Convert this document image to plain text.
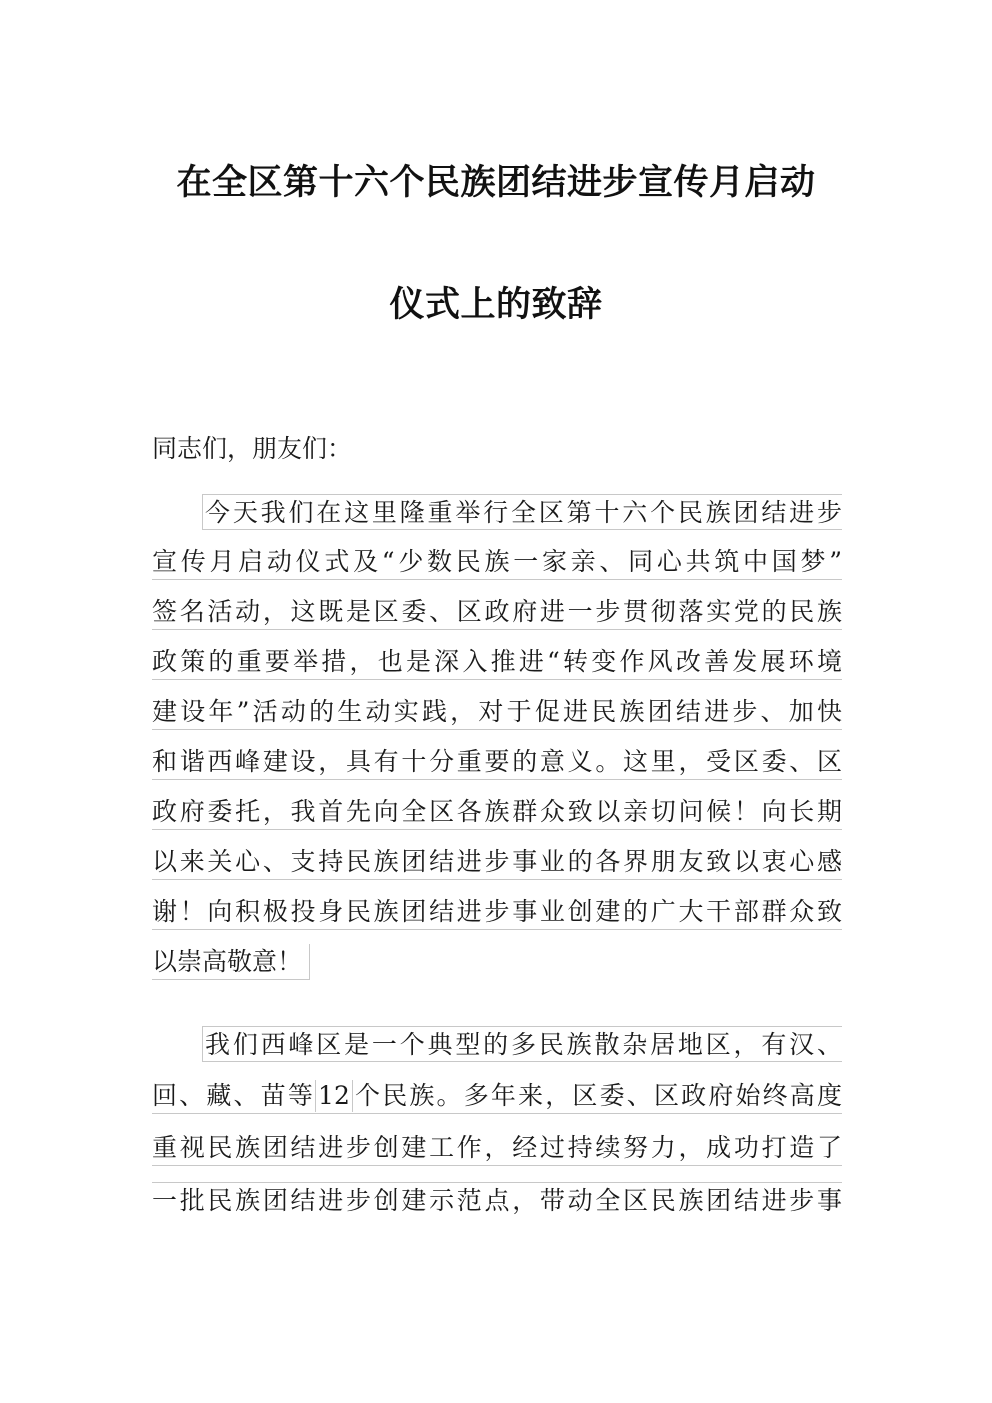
在全区第十六个民族团结进步宣传月启动
仪式上的致辞

同志们，朋友们：

今天我们在这里隆重举行全区第十六个民族团结进步
宣传月启动仪式及“少数民族一家亲、同心共筑中国梦”
签名活动，这既是区委、区政府进一步贯彻落实党的民族
政策的重要举措，也是深入推进“转变作风改善发展环境
建设年”活动的生动实践，对于促进民族团结进步、加快
和谐西峰建设，具有十分重要的意义。这里，受区委、区
政府委托，我首先向全区各族群众致以亲切问候！向长期
以来关心、支持民族团结进步事业的各界朋友致以衷心感
谢！向积极投身民族团结进步事业创建的广大干部群众致
以崇高敬意！
我们西峰区是一个典型的多民族散杂居地区，有汉、
回、藏、苗等 12 个民族。多年来，区委、区政府始终高度
重视民族团结进步创建工作，经过持续努力，成功打造了
一批民族团结进步创建示范点，带动全区民族团结进步事
